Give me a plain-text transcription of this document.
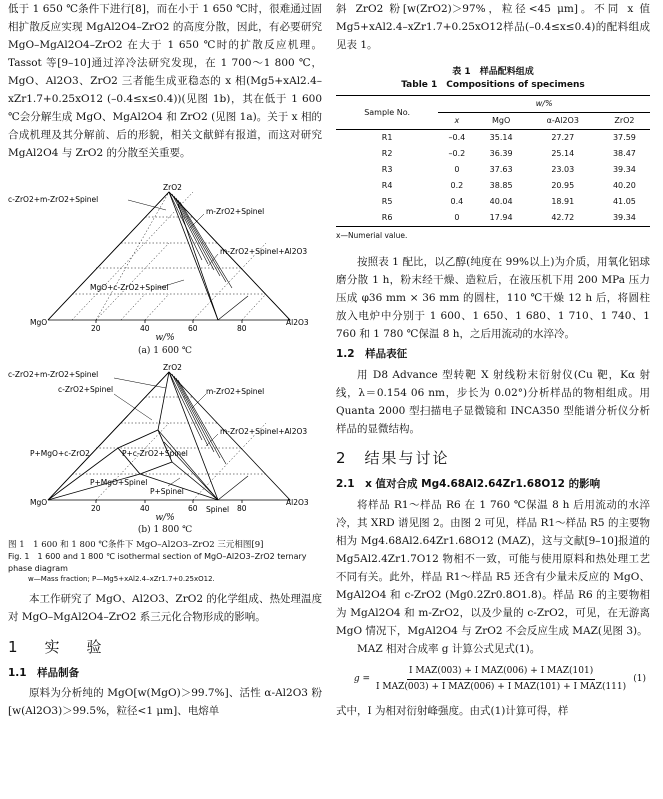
低于 1 650 ℃条件下进行[8]，而在小于 1 650 ℃时，很难通过固相扩散反应实现 MgAl2O4–ZrO2 的高度分散，因此，有必要研究 MgO–MgAl2O4–ZrO2 在大于 1 650 ℃时的扩散反应机理。Tassot 等[9–10]通过淬冷法研究发现，在 1 700～1 800 ℃，MgO、Al2O3、ZrO2 三者能生成亚稳态的 x 相(Mg5+xAl2.4–xZr1.7+0.25xO12 (–0.4≤x≤0.4))(见图 1b)，其在低于 1 600 ℃会分解生成 MgO、MgAl2O4 和 ZrO2 (见图 1a)。关于 x 相的合成机理及其分解前、后的形貌，相关文献鲜有报道，而这对研究 MgAl2O4 与 ZrO2 的分散至关重要。

ZrO2
c-ZrO2+m-ZrO2+Spinel
m-ZrO2+Spinel
m-ZrO2+Spinel+Al2O3
MgO+c-ZrO2+Spinel
MgO	Al2O3
20	40	60	80
w/%
(a) 1 600 ℃
ZrO2
c-ZrO2+m-ZrO2+Spinel
c-ZrO2+Spinel	m-ZrO2+Spinel
m-ZrO2+Spinel+Al2O3
P+MgO+c-ZrO2	P+c-ZrO2+Spinel
P+MgO+Spinel
P+Spinel
MgO	Al2O3
20	40	60	80
Spinel
w/%
(b) 1 800 ℃
图 1　1 600 和 1 800 ℃条件下 MgO–Al2O3–ZrO2 三元相图[9]
Fig. 1　1 600 and 1 800 ℃ isothermal section of MgO–Al2O3–ZrO2 ternary phase diagram
w—Mass fraction; P—Mg5+xAl2.4–xZr1.7+0.25xO12.

本工作研究了 MgO、Al2O3、ZrO2 的化学组成、热处理温度对 MgO–MgAl2O4–ZrO2 系三元化合物形成的影响。

1　实　验
1.1　样品制备

原料为分析纯的 MgO[w(MgO)＞99.7%]、活性 α-Al2O3 粉[w(Al2O3)＞99.5%，粒径<1 μm]、电熔单

斜 ZrO2 粉[w(ZrO2)＞97%，粒径<45 μm]。不同 x 值 Mg5+xAl2.4–xZr1.7+0.25xO12样品(–0.4≤x≤0.4)的配料组成见表 1。

表 1　样品配料组成
Table 1　Compositions of specimens
Sample No.	w/%			
	x	MgO	α-Al2O3	ZrO2
R1	–0.4	35.14	27.27	37.59
R2	–0.2	36.39	25.14	38.47
R3	0	37.63	23.03	39.34
R4	0.2	38.85	20.95	40.20
R5	0.4	40.04	18.91	41.05
R6	0	17.94	42.72	39.34
x—Numerial value.

按照表 1 配比，以乙醇(纯度在 99%以上)为介质，用氧化铝球磨分散 1 h，粉末经干燥、造粒后，在液压机下用 200 MPa 压力压成 φ36 mm × 36 mm 的圆柱，110 ℃干燥 12 h 后，将圆柱放入电炉中分别于 1 600、1 650、1 680、1 710、1 740、1 760 和 1 780 ℃保温 8 h，之后用流动的水淬冷。

1.2　样品表征

用 D8 Advance 型转靶 X 射线粉末衍射仪(Cu 靶，Kα 射线，λ＝0.154 06 nm，步长为 0.02°)分析样品的物相组成。用 Quanta 2000 型扫描电子显微镜和 INCA350 型能谱分析仪分析样品的显微结构。

2　结果与讨论
2.1　x 值对合成 Mg4.68Al2.64Zr1.68O12 的影响

将样品 R1～样品 R6 在 1 760 ℃保温 8 h 后用流动的水淬冷，其 XRD 谱见图 2。由图 2 可见，样品 R1～样品 R5 的主要物相为 Mg4.68Al2.64Zr1.68O12 (MAZ)，这与文献[9–10]报道的 Mg5Al2.4Zr1.7O12 物相不一致，可能与使用原料和热处理工艺不同有关。此外，样品 R1～样品 R5 还含有少量未反应的 MgO、MgAl2O4 和 c-ZrO2 (Mg0.2Zr0.8O1.8)。样品 R6 的主要物相为 MgAl2O4 和 m-ZrO2，以及少量的 c-ZrO2，可见，在无游离 MgO 情况下，MgAl2O4 与 ZrO2 不会反应生成 MAZ(见图 3)。

MAZ 相对合成率 g 计算公式见式(1)。

$g = \frac{\text{I MAZ(003) + I MAZ(006) + I MAZ(101)}}{\text{I MAZ(003) + I MAZ(006) + I MAZ(101) + I MAZ(111)}} (1)$

式中，I 为相对衍射峰强度。由式(1)计算可得，样
